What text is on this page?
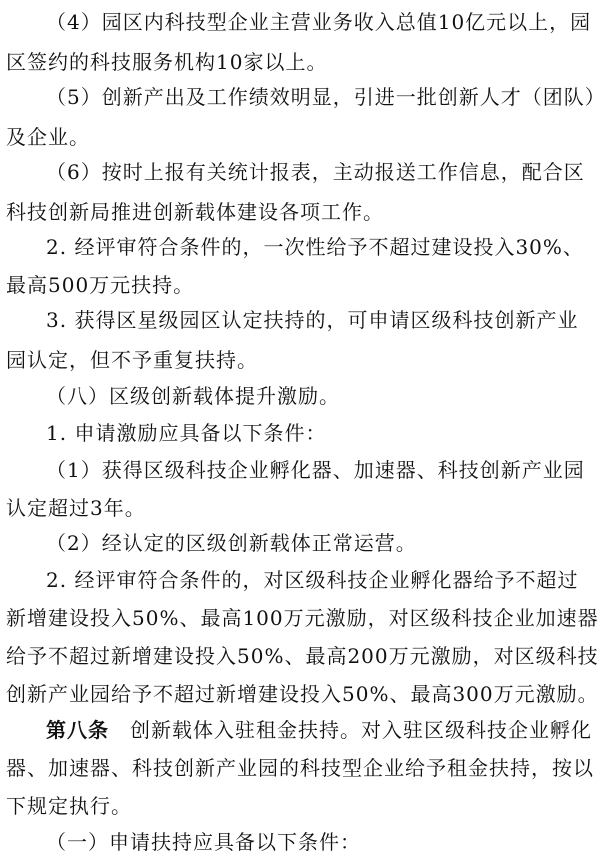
（4）园区内科技型企业主营业务收入总值10亿元以上，园
区签约的科技服务机构10家以上。
（5）创新产出及工作绩效明显，引进一批创新人才（团队）
及企业。
（6）按时上报有关统计报表，主动报送工作信息，配合区
科技创新局推进创新载体建设各项工作。
2. 经评审符合条件的，一次性给予不超过建设投入30%、
最高500万元扶持。
3. 获得区星级园区认定扶持的，可申请区级科技创新产业
园认定，但不予重复扶持。
（八）区级创新载体提升激励。
1. 申请激励应具备以下条件：
（1）获得区级科技企业孵化器、加速器、科技创新产业园
认定超过3年。
（2）经认定的区级创新载体正常运营。
2. 经评审符合条件的，对区级科技企业孵化器给予不超过
新增建设投入50%、最高100万元激励，对区级科技企业加速器
给予不超过新增建设投入50%、最高200万元激励，对区级科技
创新产业园给予不超过新增建设投入50%、最高300万元激励。
第八条　创新载体入驻租金扶持。对入驻区级科技企业孵化
器、加速器、科技创新产业园的科技型企业给予租金扶持，按以
下规定执行。
（一）申请扶持应具备以下条件：
